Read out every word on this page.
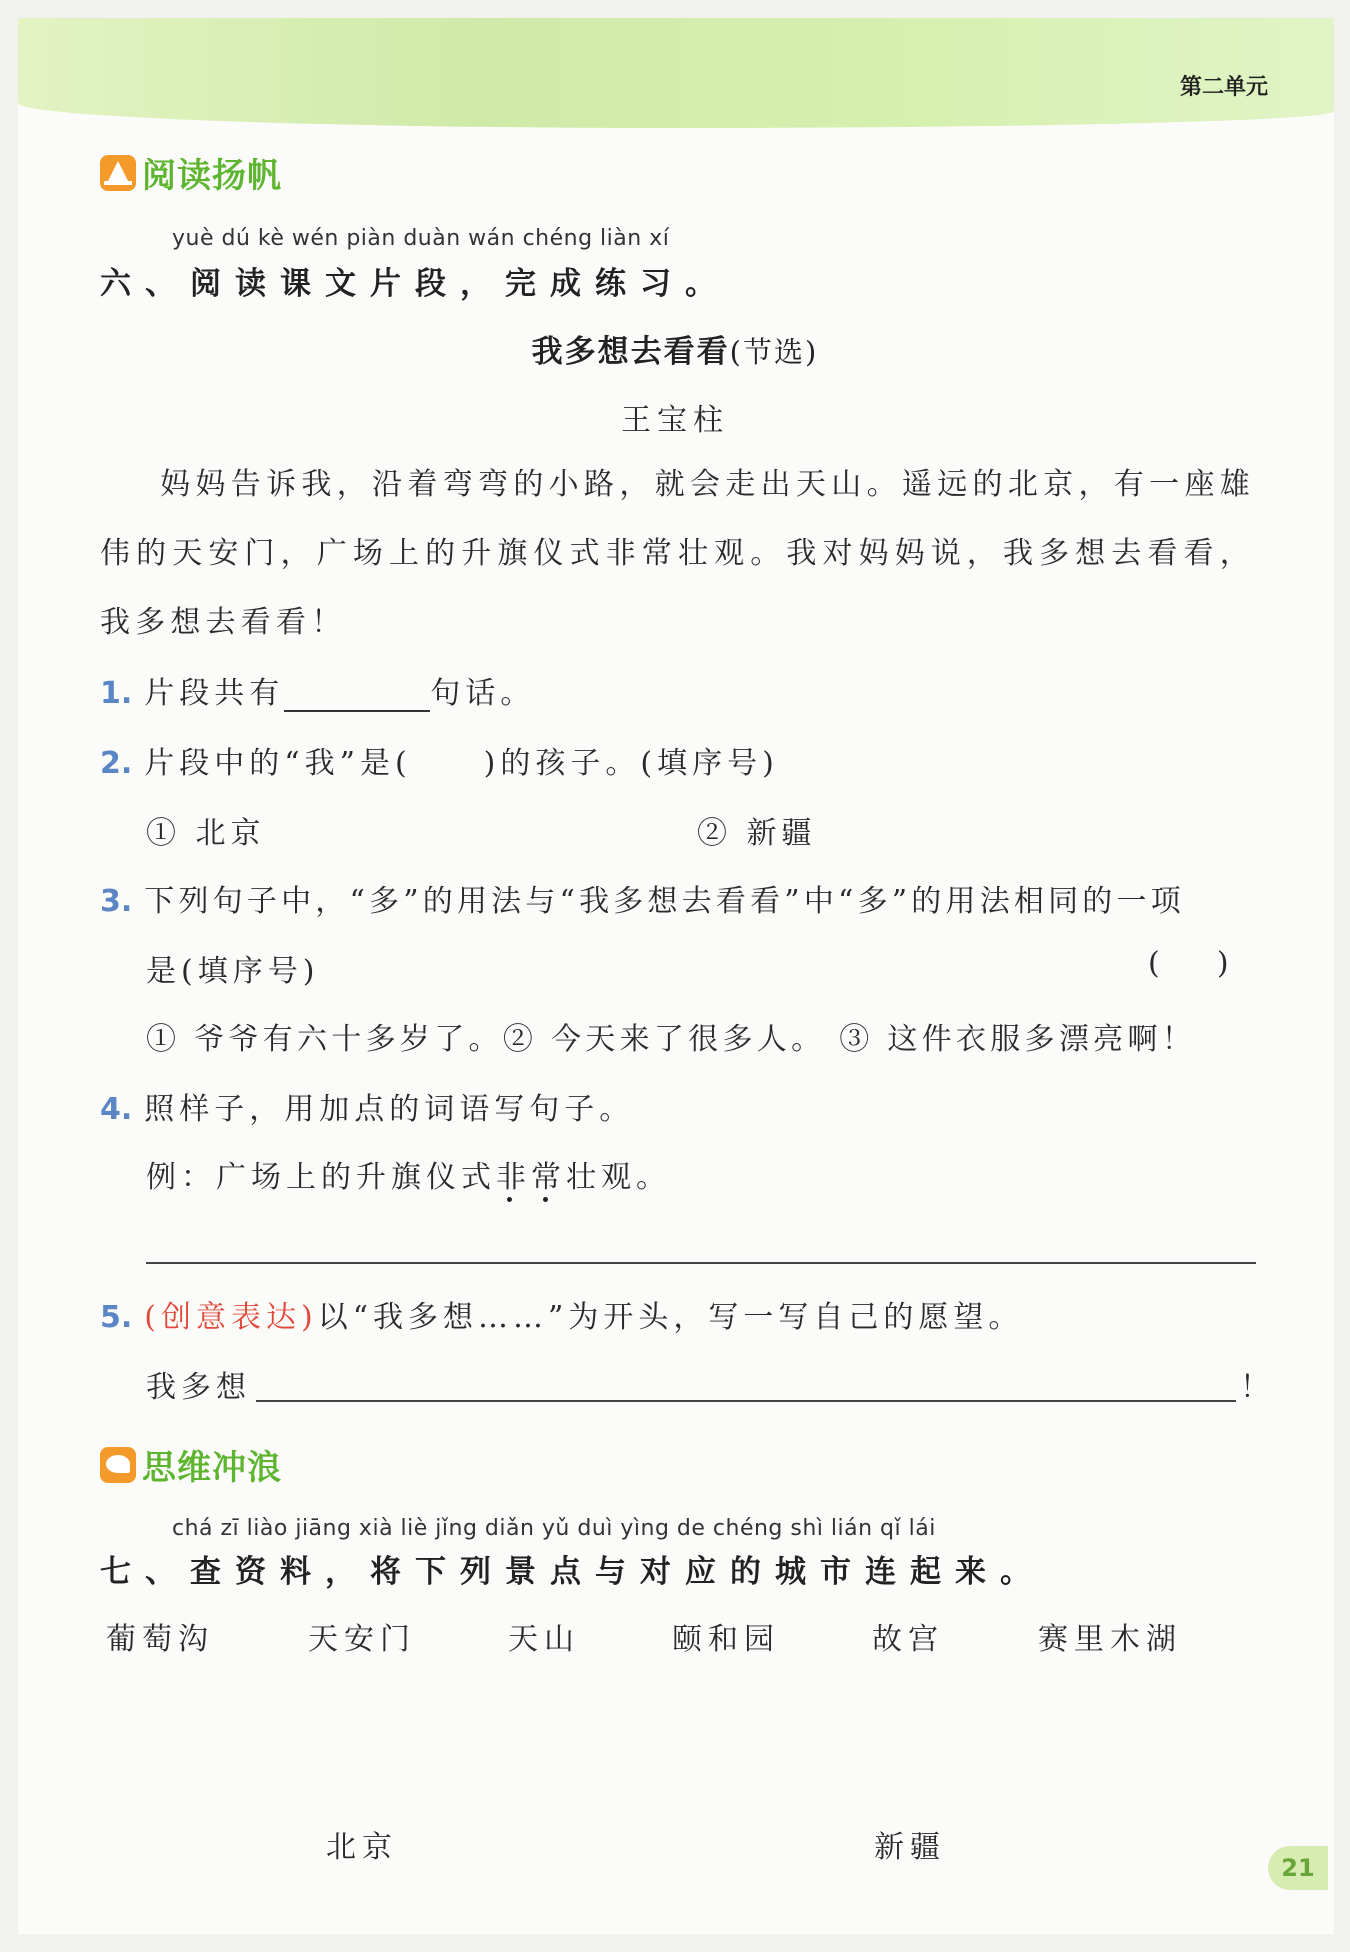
第二单元
阅读扬帆
yuè dú kè wén piàn duàn wán chéng liàn xí
六、阅读课文片段，完成练习。
我多想去看看(节选)
王宝柱
妈妈告诉我，沿着弯弯的小路，就会走出天山。遥远的北京，有一座雄伟的天安门，广场上的升旗仪式非常壮观。我对妈妈说，我多想去看看，我多想去看看！
1. 片段共有	句话。
2. 片段中的“我”是( )的孩子。(填序号)
① 北京	② 新疆
3. 下列句子中，“多”的用法与“我多想去看看”中“多”的用法相同的一项
是(填序号)	(      )
① 爷爷有六十多岁了。② 今天来了很多人。 ③ 这件衣服多漂亮啊！
4. 照样子，用加点的词语写句子。
例：广场上的升旗仪式非常壮观。
5. (创意表达)以“我多想……”为开头，写一写自己的愿望。
我多想	！
思维冲浪
chá zī liào jiāng xià liè jǐng diǎn yǔ duì yìng de chéng shì lián qǐ lái
七、查资料，将下列景点与对应的城市连起来。
葡萄沟	天安门	天山	颐和园	故宫	赛里木湖
北京	新疆
21
